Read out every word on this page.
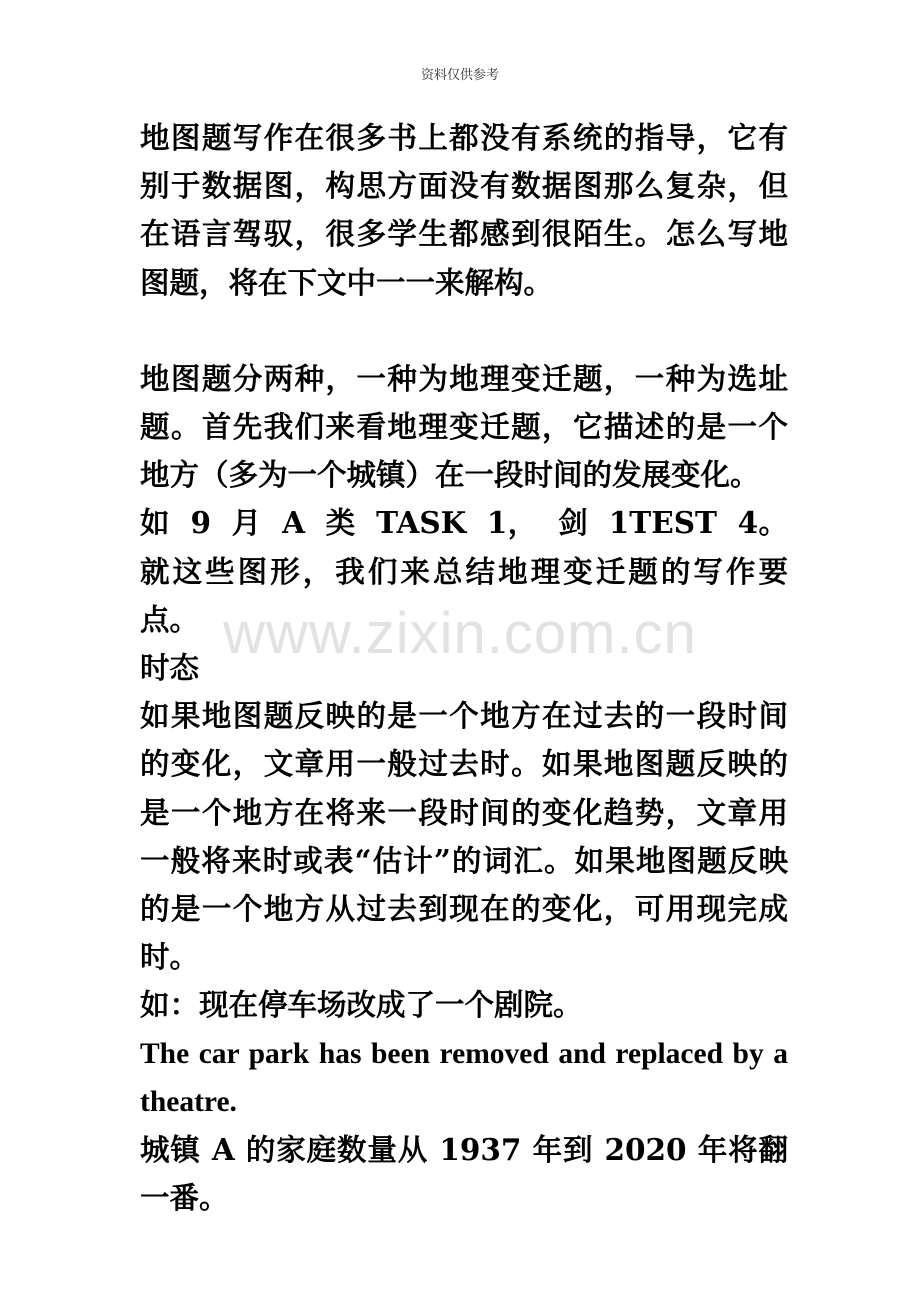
资料仅供参考
www.zixin.com.cn

地图题写作在很多书上都没有系统的指导，它有别于数据图，构思方面没有数据图那么复杂，但在语言驾驭，很多学生都感到很陌生。怎么写地图题，将在下文中一一来解构。

地图题分两种，一种为地理变迁题，一种为选址题。首先我们来看地理变迁题，它描述的是一个地方（多为一个城镇）在一段时间的发展变化。

如 9 月 A 类 TASK 1， 剑 1TEST 4。就这些图形，我们来总结地理变迁题的写作要点。

时态

如果地图题反映的是一个地方在过去的一段时间的变化，文章用一般过去时。如果地图题反映的是一个地方在将来一段时间的变化趋势，文章用一般将来时或表“估计”的词汇。如果地图题反映的是一个地方从过去到现在的变化，可用现完成时。

如：现在停车场改成了一个剧院。

The car park has been removed and replaced by a theatre.

城镇 A 的家庭数量从 1937 年到 2020 年将翻一番。
